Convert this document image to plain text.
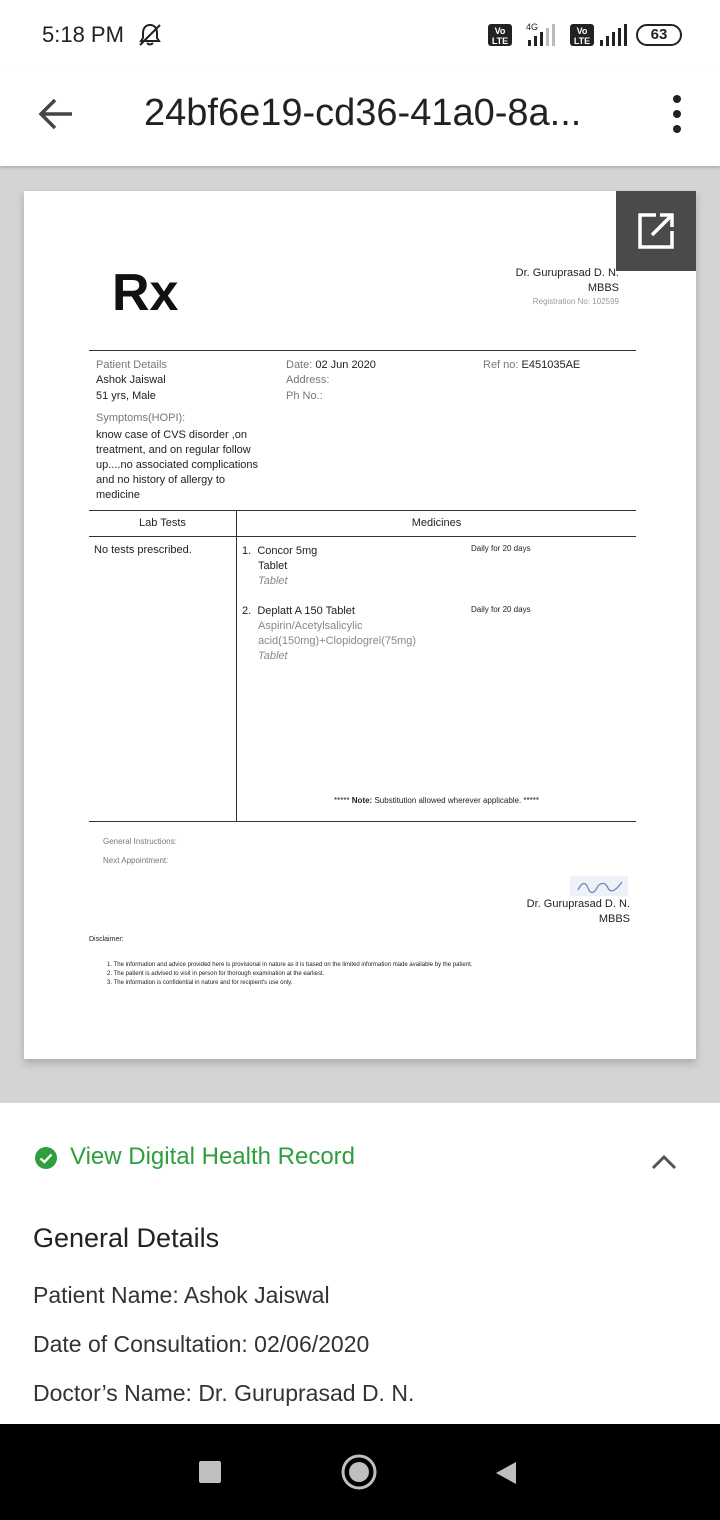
5:18 PM	Vo
LTE
4G	Vo
LTE	63
24bf6e19-cd36-41a0-8a...
Rx	Dr. Guruprasad D. N.
MBBS
Registration No: 102599
Patient Details
Ashok Jaiswal
51 yrs, Male
Date: 02 Jun 2020
Address:
Ph No.:
Ref no: E451035AE
Symptoms(HOPI):
know case of CVS disorder ,on
treatment, and on regular follow
up....no associated complications
and no history of allergy to
medicine
Lab Tests	Medicines
No tests prescribed.	1. Concor 5mg
Tablet
Tablet
Daily for 20 days
2. Deplatt A 150 Tablet
Aspirin/Acetylsalicylic
acid(150mg)+Clopidogrel(75mg)
Tablet
Daily for 20 days
***** Note: Substitution allowed wherever applicable. *****
General Instructions:
Next Appointment:
Dr. Guruprasad D. N.
MBBS
Disclaimer:
1. The information and advice provided here is provisional in nature as it is based on the limited information made available by the patient.
2. The patient is advised to visit in person for thorough examination at the earliest.
3. The information is confidential in nature and for recipient's use only.
View Digital Health Record
General Details
Patient Name: Ashok Jaiswal
Date of Consultation: 02/06/2020
Doctor’s Name: Dr. Guruprasad D. N.
